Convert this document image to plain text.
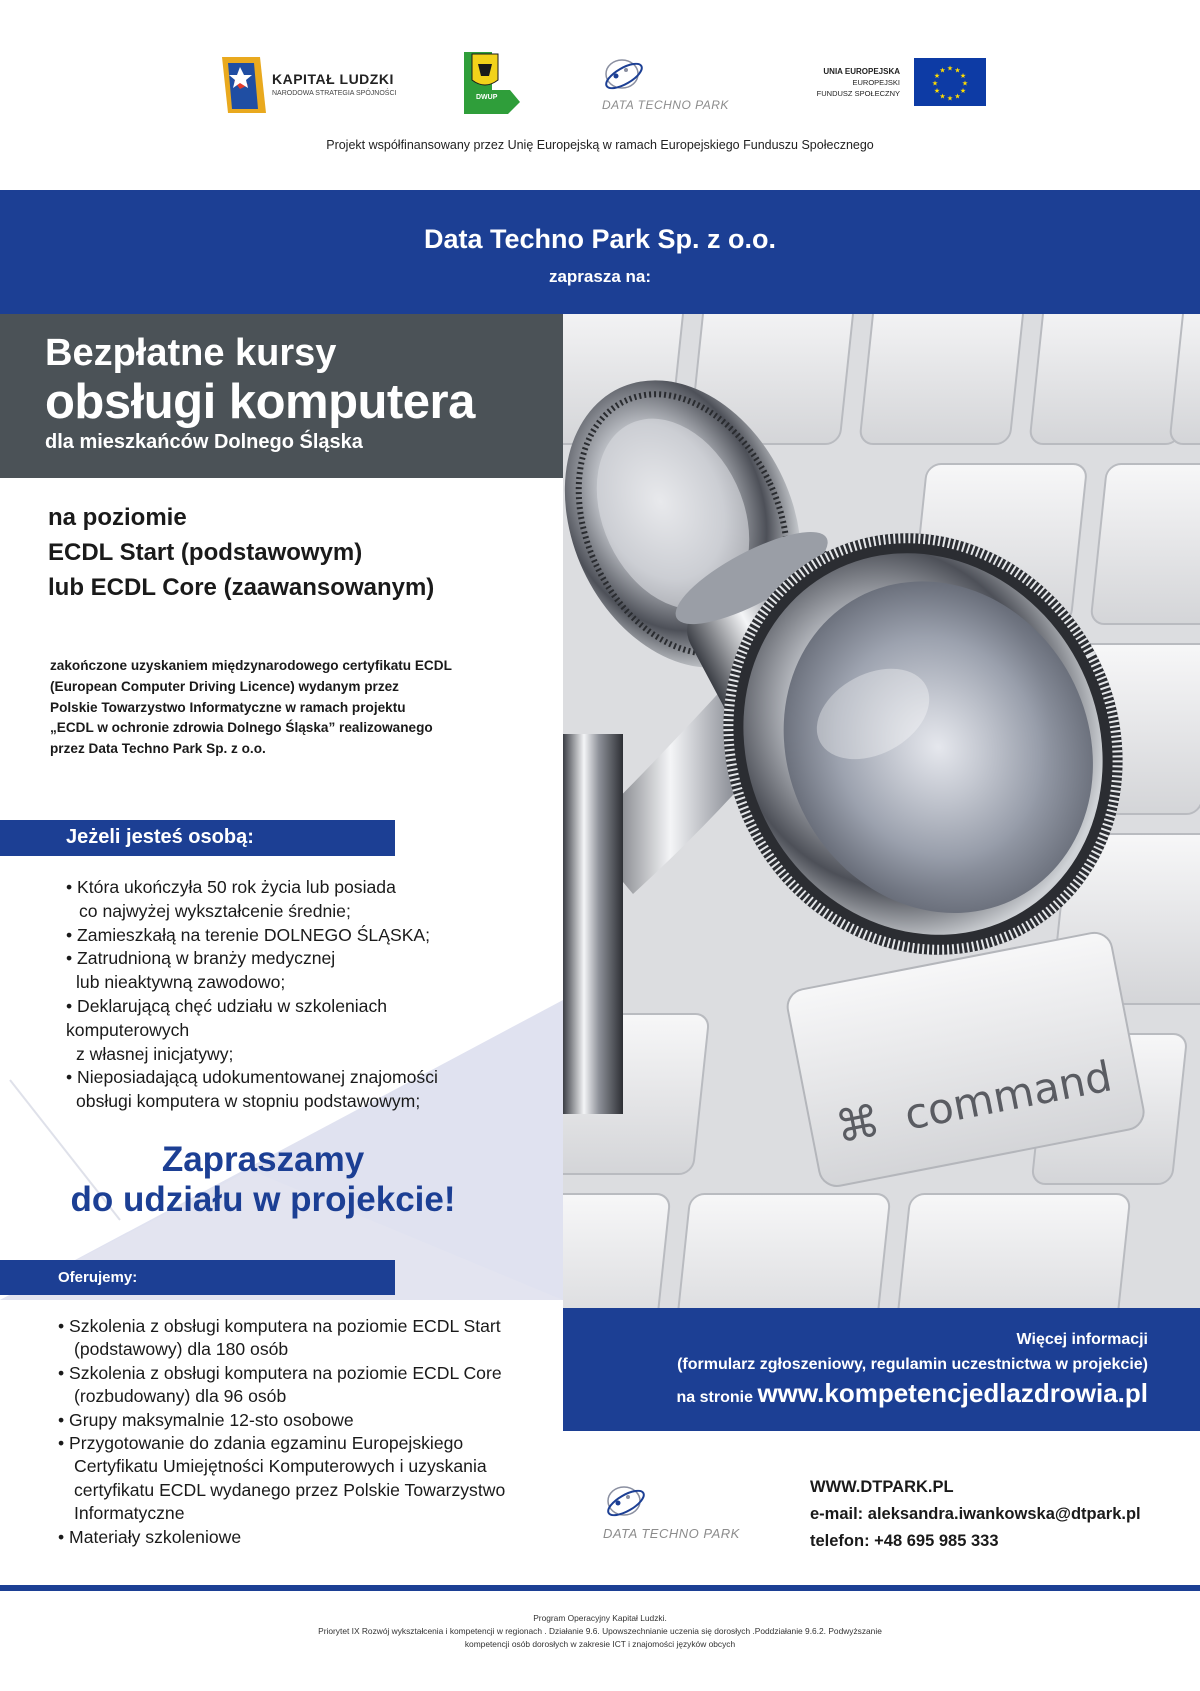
KAPITAŁ LUDZKI
NARODOWA STRATEGIA SPÓJNOŚCI
DWUP
DATA TECHNO PARK
UNIA EUROPEJSKA
EUROPEJSKI
FUNDUSZ SPOŁECZNY
★
★
★
★
★
★
★
★
★ ★ ★
★
Projekt współfinansowany przez Unię Europejską w ramach Europejskiego Funduszu Społecznego
Data Techno Park Sp. z o.o.
zaprasza na:
⌘ command
Bezpłatne kursy
obsługi komputera
dla mieszkańców Dolnego Śląska
na poziomie
ECDL Start (podstawowym)
lub ECDL Core (zaawansowanym)
zakończone uzyskaniem międzynarodowego certyfikatu ECDL
(European Computer Driving Licence) wydanym przez
Polskie Towarzystwo Informatyczne w ramach projektu
„ECDL w ochronie zdrowia Dolnego Śląska” realizowanego
przez Data Techno Park Sp. z o.o.
Jeżeli jesteś osobą:
• Która ukończyła 50 rok życia lub posiada
co najwyżej wykształcenie średnie;
• Zamieszkałą na terenie DOLNEGO ŚLĄSKA;
• Zatrudnioną w branży medycznej
lub nieaktywną zawodowo;
• Deklarującą chęć udziału w szkoleniach
komputerowych
z własnej inicjatywy;
• Nieposiadającą udokumentowanej znajomości
obsługi komputera w stopniu podstawowym;
Zapraszamy
do udziału w projekcie!
Oferujemy:
• Szkolenia z obsługi komputera na poziomie ECDL Start
(podstawowy) dla 180 osób
• Szkolenia z obsługi komputera na poziomie ECDL Core
(rozbudowany) dla 96 osób
• Grupy maksymalnie 12-sto osobowe
• Przygotowanie do zdania egzaminu Europejskiego
Certyfikatu Umiejętności Komputerowych i uzyskania
certyfikatu ECDL wydanego przez Polskie Towarzystwo
Informatyczne
• Materiały szkoleniowe
Więcej informacji
(formularz zgłoszeniowy, regulamin uczestnictwa w projekcie)
na stronie www.kompetencjedlazdrowia.pl
DATA TECHNO PARK
WWW.DTPARK.PL
e-mail: aleksandra.iwankowska@dtpark.pl
telefon: +48 695 985 333
Program Operacyjny Kapitał Ludzki.
Priorytet IX Rozwój wykształcenia i kompetencji w regionach . Działanie 9.6. Upowszechnianie uczenia się dorosłych .Poddziałanie 9.6.2. Podwyższanie
kompetencji osób dorosłych w zakresie ICT i znajomości języków obcych
